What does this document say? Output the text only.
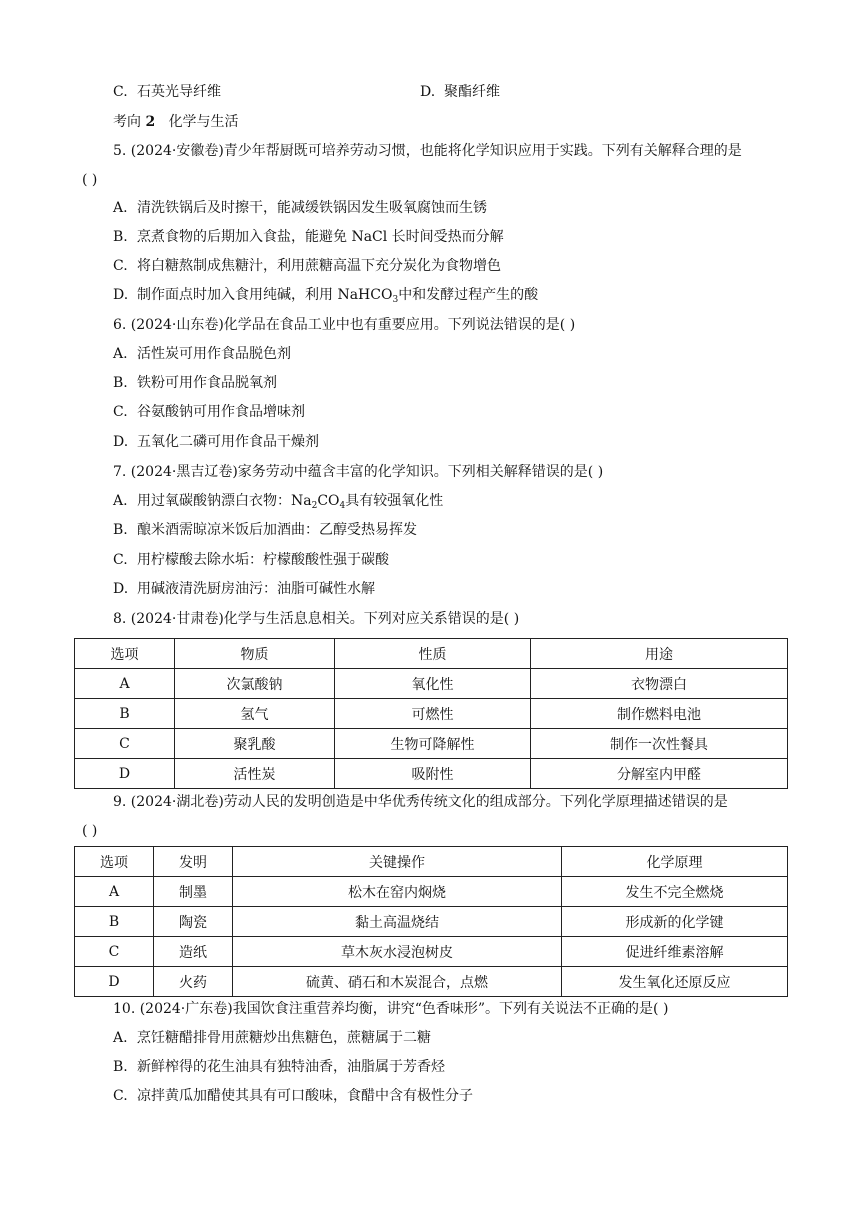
C. 石英光导纤维	D. 聚酯纤维
考向 2 化学与生活
5. (2024·安徽卷)青少年帮厨既可培养劳动习惯，也能将化学知识应用于实践。下列有关解释合理的是
( )
A. 清洗铁锅后及时擦干，能减缓铁锅因发生吸氧腐蚀而生锈
B. 烹煮食物的后期加入食盐，能避免 NaCl 长时间受热而分解
C. 将白糖熬制成焦糖汁，利用蔗糖高温下充分炭化为食物增色
D. 制作面点时加入食用纯碱，利用 NaHCO$_3$中和发酵过程产生的酸
6. (2024·山东卷)化学品在食品工业中也有重要应用。下列说法错误的是( )
A. 活性炭可用作食品脱色剂
B. 铁粉可用作食品脱氧剂
C. 谷氨酸钠可用作食品增味剂
D. 五氧化二磷可用作食品干燥剂
7. (2024·黑吉辽卷)家务劳动中蕴含丰富的化学知识。下列相关解释错误的是( )
A. 用过氧碳酸钠漂白衣物：$Na_2CO_4$具有较强氧化性
B. 酿米酒需晾凉米饭后加酒曲：乙醇受热易挥发
C. 用柠檬酸去除水垢：柠檬酸酸性强于碳酸
D. 用碱液清洗厨房油污：油脂可碱性水解
8. (2024·甘肃卷)化学与生活息息相关。下列对应关系错误的是( )
选项	物质	性质	用途
A	次氯酸钠	氧化性	衣物漂白
B	氢气	可燃性	制作燃料电池
C	聚乳酸	生物可降解性	制作一次性餐具
D	活性炭	吸附性	分解室内甲醛
9. (2024·湖北卷)劳动人民的发明创造是中华优秀传统文化的组成部分。下列化学原理描述错误的是
( )
选项	发明	关键操作	化学原理
A	制墨	松木在窑内焖烧	发生不完全燃烧
B	陶瓷	黏土高温烧结	形成新的化学键
C	造纸	草木灰水浸泡树皮	促进纤维素溶解
D	火药	硫黄、硝石和木炭混合，点燃	发生氧化还原反应
10. (2024·广东卷)我国饮食注重营养均衡，讲究“色香味形”。下列有关说法不正确的是( )
A. 烹饪糖醋排骨用蔗糖炒出焦糖色，蔗糖属于二糖
B. 新鲜榨得的花生油具有独特油香，油脂属于芳香烃
C. 凉拌黄瓜加醋使其具有可口酸味，食醋中含有极性分子
